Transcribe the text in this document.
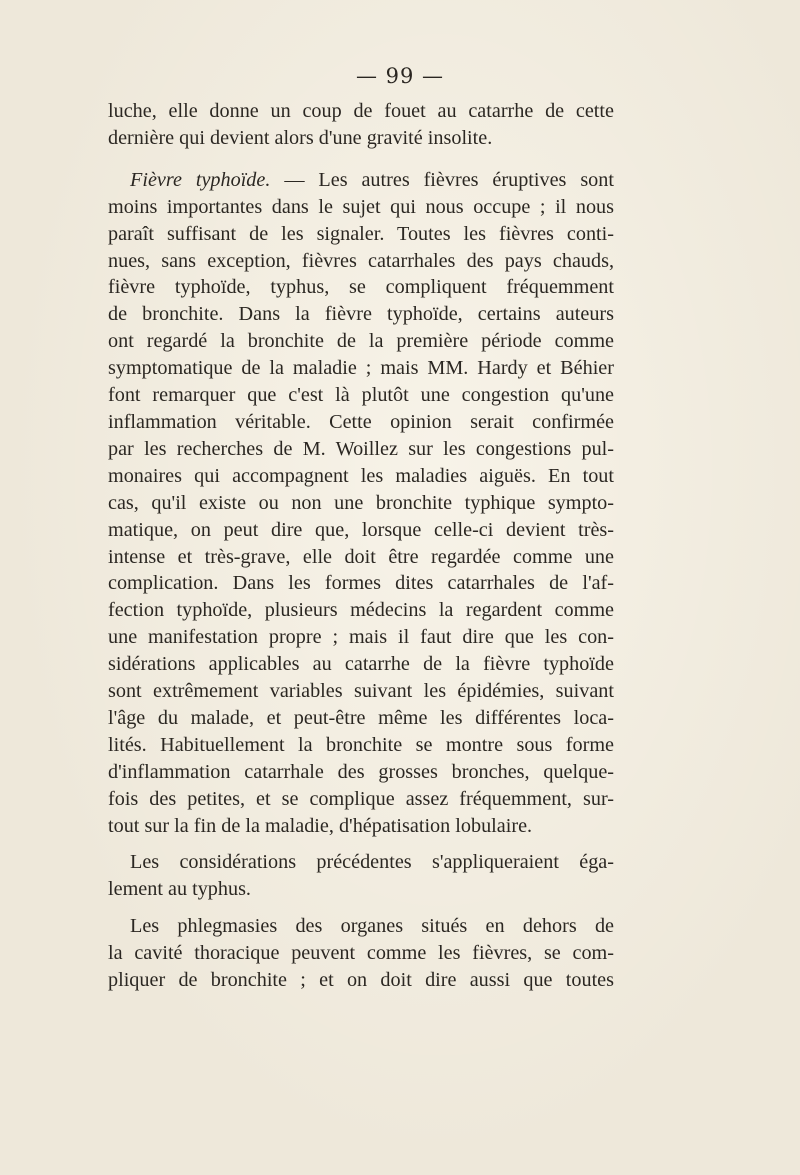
— 99 —
luche, elle donne un coup de fouet au catarrhe de cette
dernière qui devient alors d'une gravité insolite.
Fièvre typhoïde. — Les autres fièvres éruptives sont
moins importantes dans le sujet qui nous occupe ; il nous
paraît suffisant de les signaler. Toutes les fièvres conti-
nues, sans exception, fièvres catarrhales des pays chauds,
fièvre typhoïde, typhus, se compliquent fréquemment
de bronchite. Dans la fièvre typhoïde, certains auteurs
ont regardé la bronchite de la première période comme
symptomatique de la maladie ; mais MM. Hardy et Béhier
font remarquer que c'est là plutôt une congestion qu'une
inflammation véritable. Cette opinion serait confirmée
par les recherches de M. Woillez sur les congestions pul-
monaires qui accompagnent les maladies aiguës. En tout
cas, qu'il existe ou non une bronchite typhique sympto-
matique, on peut dire que, lorsque celle-ci devient très-
intense et très-grave, elle doit être regardée comme une
complication. Dans les formes dites catarrhales de l'af-
fection typhoïde, plusieurs médecins la regardent comme
une manifestation propre ; mais il faut dire que les con-
sidérations applicables au catarrhe de la fièvre typhoïde
sont extrêmement variables suivant les épidémies, suivant
l'âge du malade, et peut-être même les différentes loca-
lités. Habituellement la bronchite se montre sous forme
d'inflammation catarrhale des grosses bronches, quelque-
fois des petites, et se complique assez fréquemment, sur-
tout sur la fin de la maladie, d'hépatisation lobulaire.
Les considérations précédentes s'appliqueraient éga-
lement au typhus.
Les phlegmasies des organes situés en dehors de
la cavité thoracique peuvent comme les fièvres, se com-
pliquer de bronchite ; et on doit dire aussi que toutes
